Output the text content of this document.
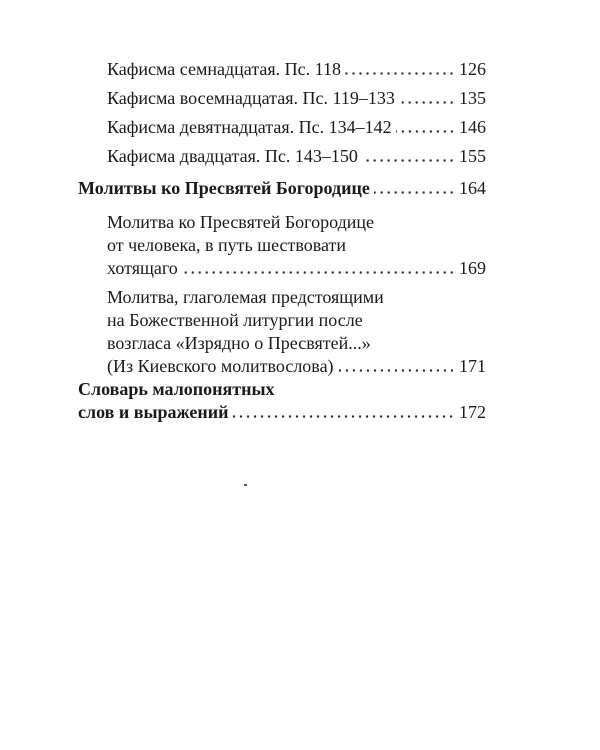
Кафисма семнадцатая. Пс. 118	126
Кафисма восемнадцатая. Пс. 119–133	135
Кафисма девятнадцатая. Пс. 134–142	146
Кафисма двадцатая. Пс. 143–150	155
Молитвы ко Пресвятей Богородице	164
Молитва ко Пресвятей Богородице
от человека, в путь шествовати
хотящаго	169
Молитва, глаголемая предстоящими
на Божественной литургии после
возгласа «Изрядно о Пресвятей...»
(Из Киевского молитвослова)	171
Словарь малопонятных
слов и выражений	172
